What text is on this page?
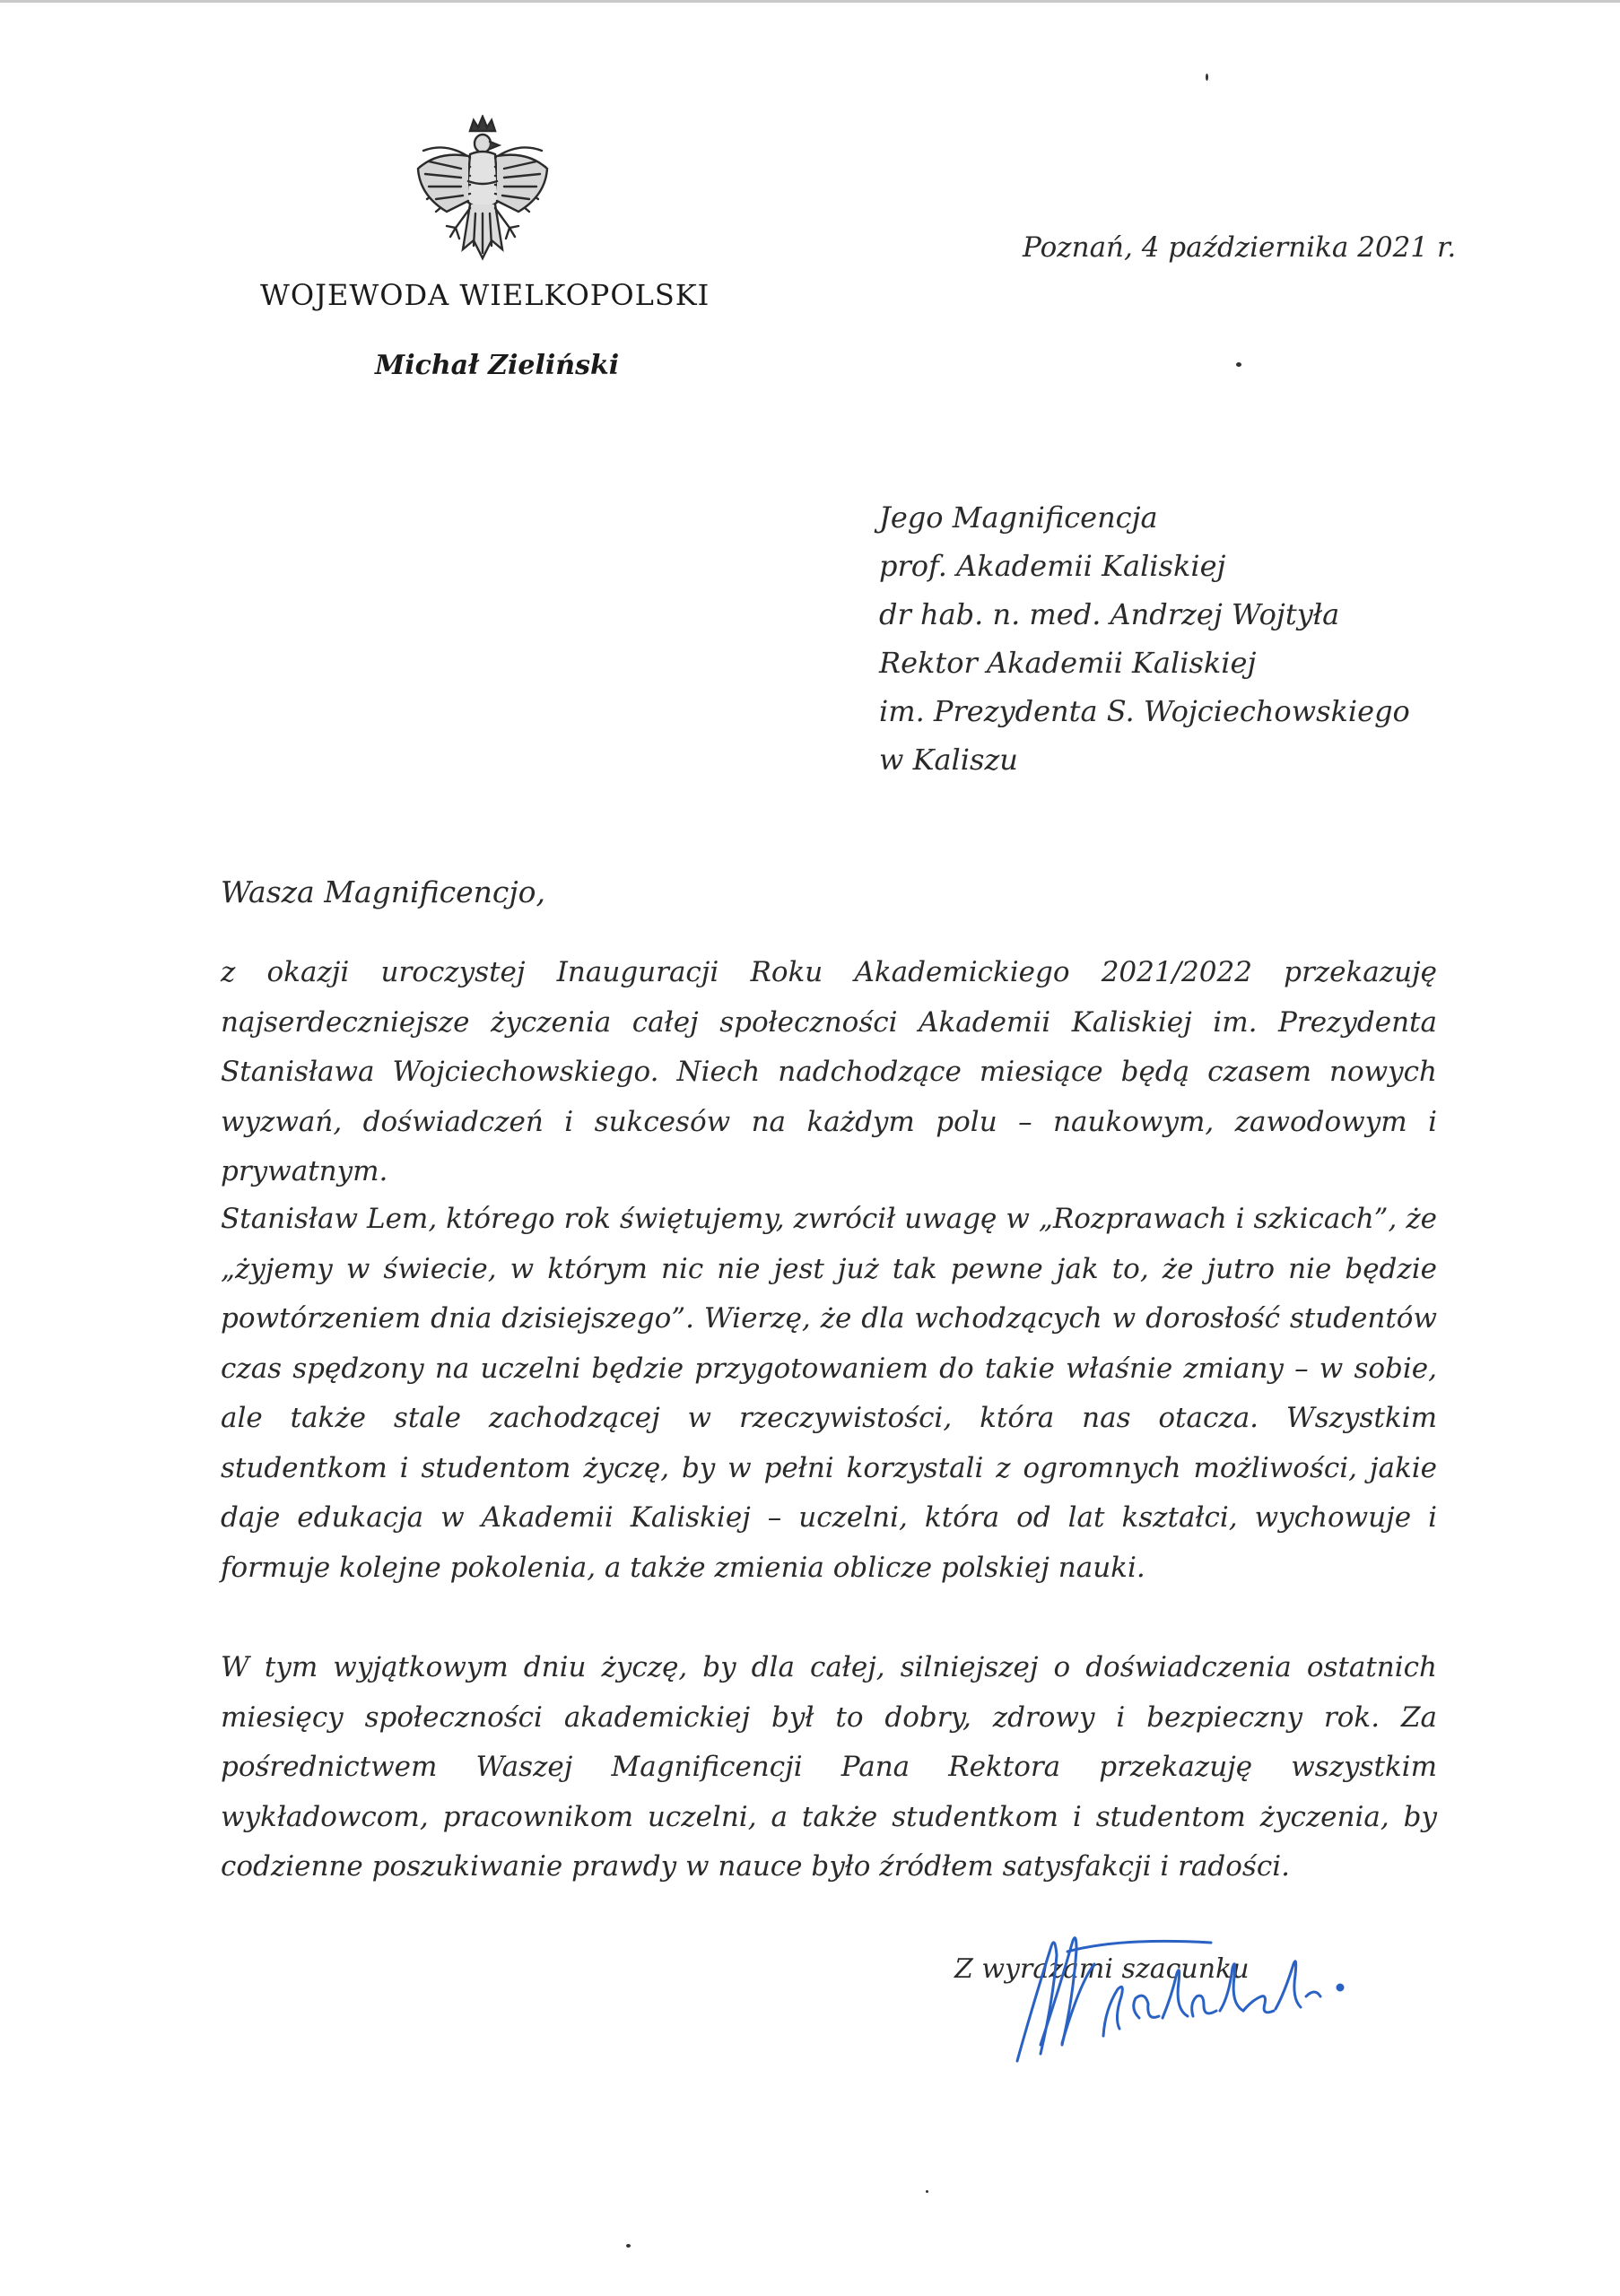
WOJEWODA WIELKOPOLSKI
Michał Zieliński
Poznań, 4 października 2021 r.
Jego Magnificencja
prof. Akademii Kaliskiej
dr hab. n. med. Andrzej Wojtyła
Rektor Akademii Kaliskiej
im. Prezydenta S. Wojciechowskiego
w Kaliszu
Wasza Magnificencjo,

z okazji uroczystej Inauguracji Roku Akademickiego 2021/2022 przekazuję najserdeczniejsze życzenia całej społeczności Akademii Kaliskiej im. Prezydenta Stanisława Wojciechowskiego. Niech nadchodzące miesiące będą czasem nowych wyzwań, doświadczeń i sukcesów na każdym polu – naukowym, zawodowym i prywatnym.

Stanisław Lem, którego rok świętujemy, zwrócił uwagę w „Rozprawach i szkicach”, że „żyjemy w świecie, w którym nic nie jest już tak pewne jak to, że jutro nie będzie powtórzeniem dnia dzisiejszego”. Wierzę, że dla wchodzących w dorosłość studentów czas spędzony na uczelni będzie przygotowaniem do takie właśnie zmiany – w sobie, ale także stale zachodzącej w rzeczywistości, która nas otacza. Wszystkim studentkom i studentom życzę, by w pełni korzystali z ogromnych możliwości, jakie daje edukacja w Akademii Kaliskiej – uczelni, która od lat kształci, wychowuje i formuje kolejne pokolenia, a także zmienia oblicze polskiej nauki.

W tym wyjątkowym dniu życzę, by dla całej, silniejszej o doświadczenia ostatnich miesięcy społeczności akademickiej był to dobry, zdrowy i bezpieczny rok. Za pośrednictwem Waszej Magnificencji Pana Rektora przekazuję wszystkim wykładowcom, pracownikom uczelni, a także studentkom i studentom życzenia, by codzienne poszukiwanie prawdy w nauce było źródłem satysfakcji i radości.

Z wyrazami szacunku
